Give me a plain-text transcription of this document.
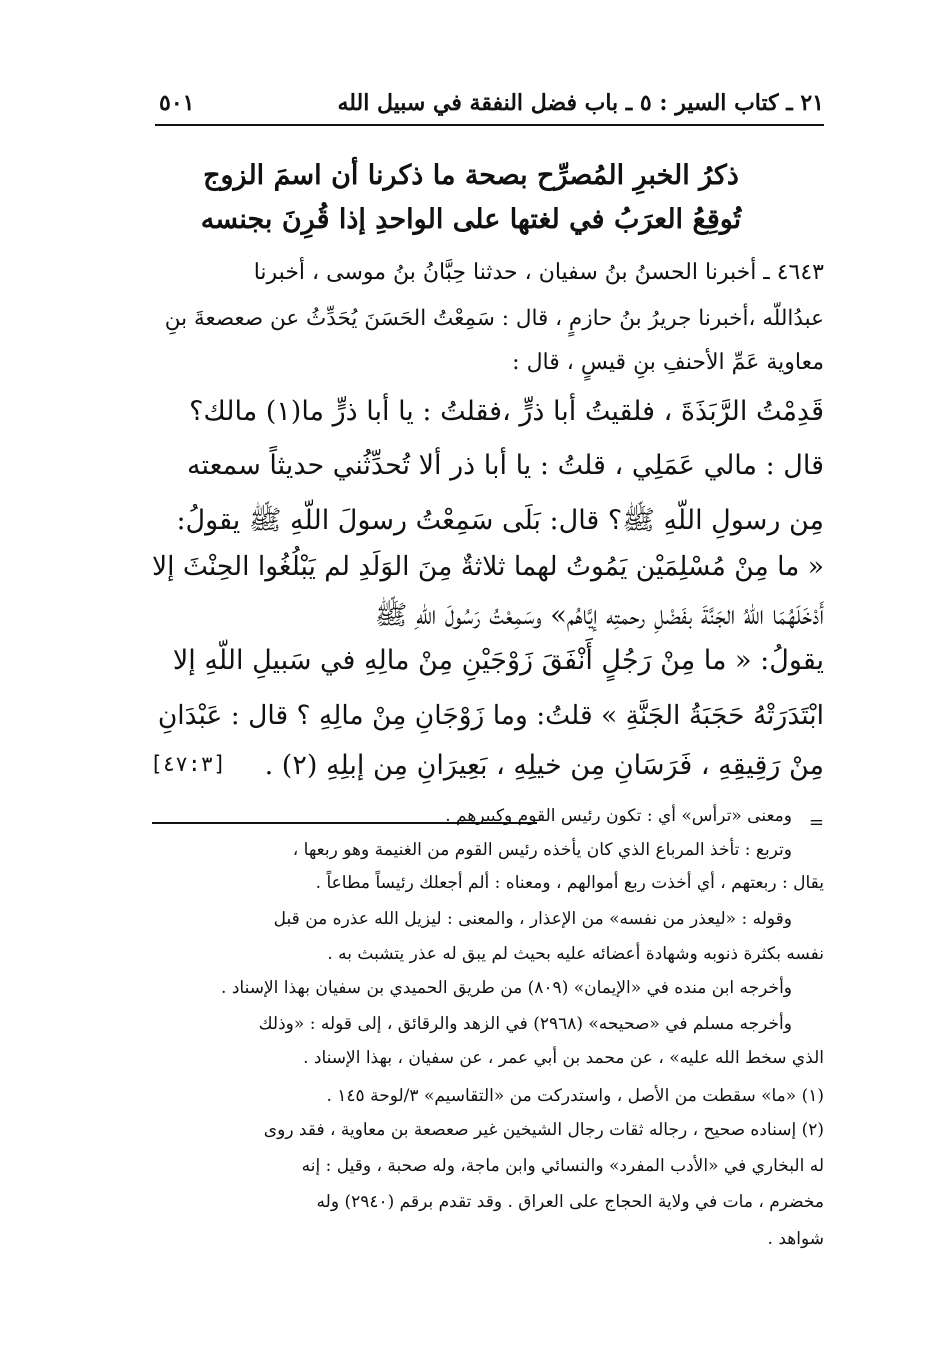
٢١ ـ كتاب السير : ٥ ـ باب فضل النفقة في سبيل الله
٥٠١
ذكرُ الخبرِ المُصرِّح بصحة ما ذكرنا أن اسمَ الزوج
تُوقِعُ العرَبُ في لغتها على الواحدِ إذا قُرِنَ بجنسه
٤٦٤٣ ـ أخبرنا الحسنُ بنُ سفيان ، حدثنا حِبَّانُ بنُ موسى ، أخبرنا
عبدُاللّه ،أخبرنا جريرُ بنُ حازمٍ ، قال : سَمِعْتُ الحَسَنَ يُحَدِّثُ عن صعصعةَ بنِ
معاوية عَمِّ الأحنفِ بنِ قيسٍ ، قال :
قَدِمْتُ الرَّبَذَةَ ، فلقيتُ أبا ذرٍّ ،فقلتُ : يا أبا ذرٍّ ما(١) مالك؟
قال : مالي عَمَلِي ، قلتُ : يا أبا ذر ألا تُحدِّثُني حديثاً سمعته
مِن رسولِ اللّهِ ﷺ؟ قال: بَلَى سَمِعْتُ رسولَ اللّهِ ﷺ يقولُ:
« ما مِنْ مُسْلِمَيْن يَمُوتُ لهما ثلاثةٌ مِنَ الوَلَدِ لم يَبْلُغُوا الحِنْثَ إلا
أَدْخَلَهُمَا اللّهُ الجَنَّةَ بفَضْلِ رحمتِه إيَّاهُم» وسَمِعْتُ رَسُولَ اللّهِ ﷺ
يقولُ: « ما مِنْ رَجُلٍ أَنْفَقَ زَوْجَيْنِ مِنْ مالِهِ في سَبيلِ اللّهِ إلا
ابْتَدَرَتْهُ حَجَبَةُ الجَنَّةِ » قلتُ: وما زَوْجَانِ مِنْ مالِهِ ؟ قال : عَبْدَانِ
مِنْ رَقِيقِهِ ، فَرَسَانِ مِن خيلِهِ ، بَعِيرَانِ مِن إبلِهِ (٢) .
[٤٧:٣]
=
ومعنى «ترأس» أي : تكون رئيس القوم وكبيرهم .
وتربع : تأخذ المرباع الذي كان يأخذه رئيس القوم من الغنيمة وهو ربعها ،
يقال : ربعتهم ، أي أخذت ربع أموالهم ، ومعناه : ألم أجعلك رئيساً مطاعاً .
وقوله : «ليعذر من نفسه» من الإعذار ، والمعنى : ليزيل الله عذره من قبل
نفسه بكثرة ذنوبه وشهادة أعضائه عليه بحيث لم يبق له عذر يتشبث به .
وأخرجه ابن منده في «الإيمان» (٨٠٩) من طريق الحميدي بن سفيان بهذا الإسناد .
وأخرجه مسلم في «صحيحه» (٢٩٦٨) في الزهد والرقائق ، إلى قوله : «وذلك
الذي سخط الله عليه» ، عن محمد بن أبي عمر ، عن سفيان ، بهذا الإسناد .
(١) «ما» سقطت من الأصل ، واستدركت من «التقاسيم» ٣/لوحة ١٤٥ .
(٢) إسناده صحيح ، رجاله ثقات رجال الشيخين غير صعصعة بن معاوية ، فقد روى
له البخاري في «الأدب المفرد» والنسائي وابن ماجة، وله صحبة ، وقيل : إنه
مخضرم ، مات في ولاية الحجاج على العراق . وقد تقدم برقم (٢٩٤٠) وله
شواهد .
